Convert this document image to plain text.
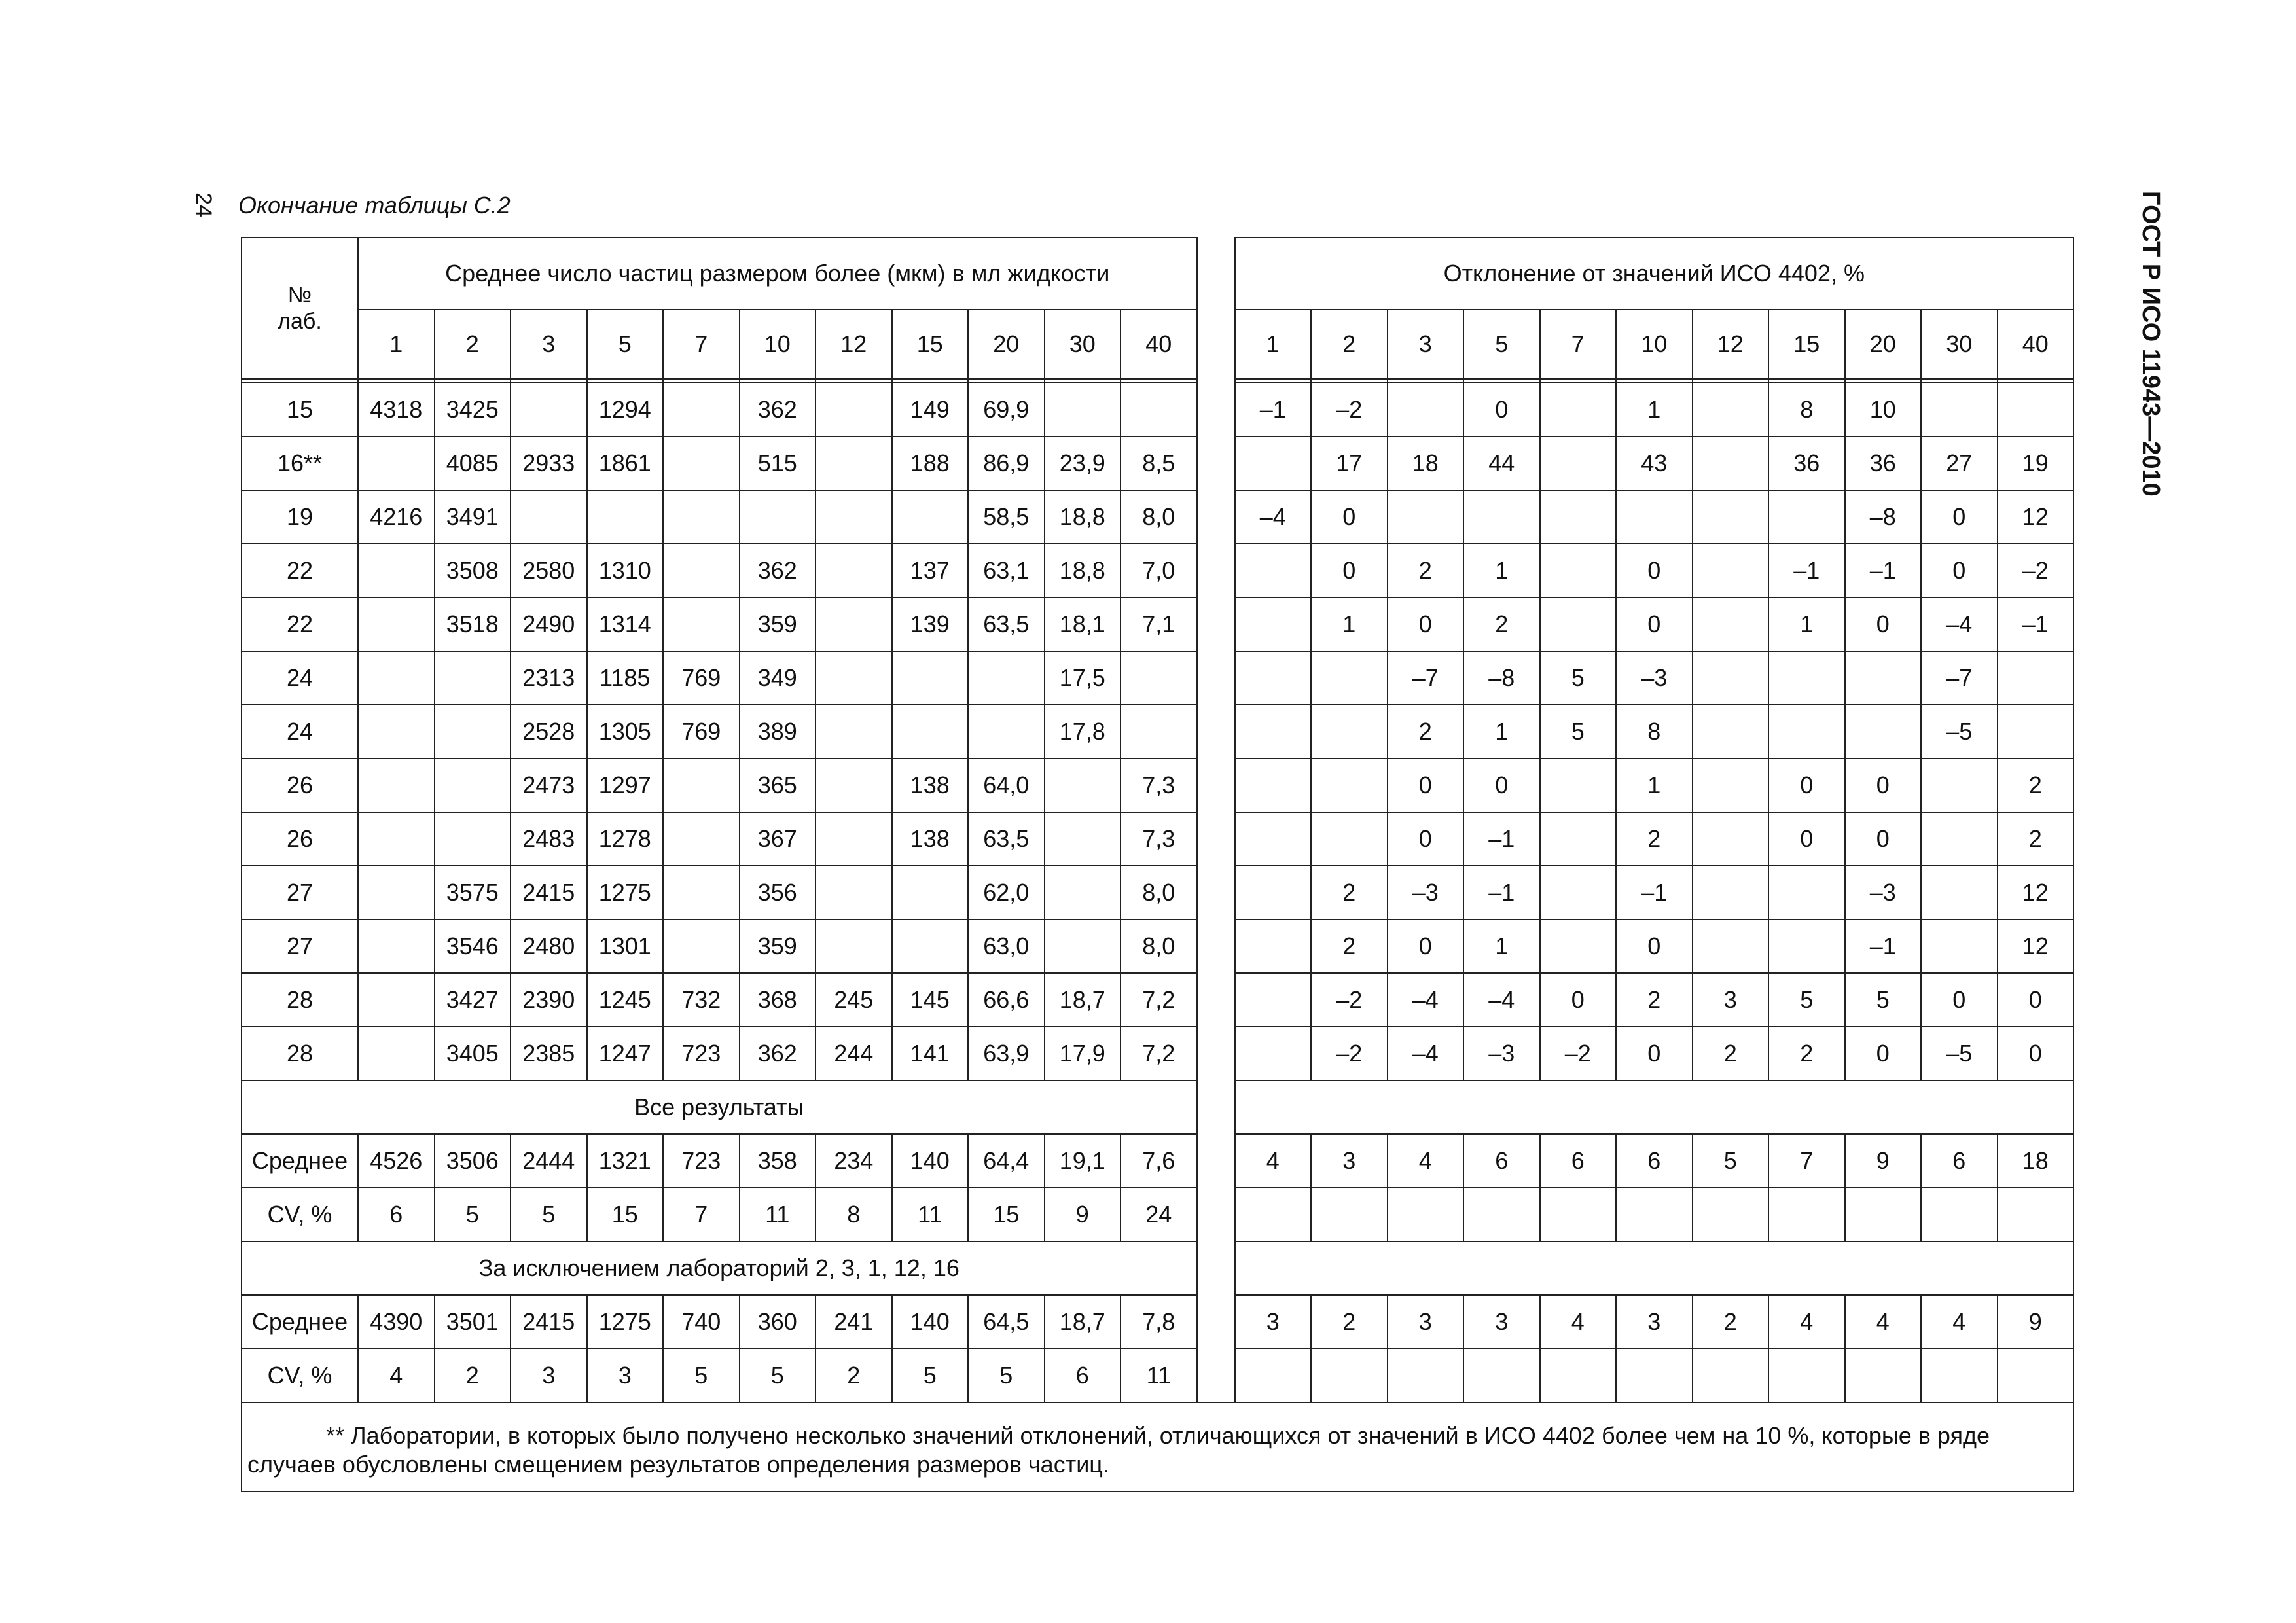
24	ГОСТ Р ИСО 11943—2010
Окончание таблицы С.2
№
лаб.	Среднее число частиц размером более (мкм) в мл жидкости												Отклонение от значений ИСО 4402, %										
	1	2	3	5	7	10	12	15	20	30	40		1	2	3	5	7	10	12	15	20	30	40

15	4318	3425		1294		362		149	69,9				–1	–2		0		1		8	10		
16**		4085	2933	1861		515		188	86,9	23,9	8,5			17	18	44		43		36	36	27	19
19	4216	3491							58,5	18,8	8,0		–4	0							–8	0	12
22		3508	2580	1310		362		137	63,1	18,8	7,0			0	2	1		0		–1	–1	0	–2
22		3518	2490	1314		359		139	63,5	18,1	7,1			1	0	2		0		1	0	–4	–1
24			2313	1185	769	349				17,5					–7	–8	5	–3				–7	
24			2528	1305	769	389				17,8					2	1	5	8				–5	
26			2473	1297		365		138	64,0		7,3				0	0		1		0	0		2
26			2483	1278		367		138	63,5		7,3				0	–1		2		0	0		2
27		3575	2415	1275		356			62,0		8,0			2	–3	–1		–1			–3		12
27		3546	2480	1301		359			63,0		8,0			2	0	1		0			–1		12
28		3427	2390	1245	732	368	245	145	66,6	18,7	7,2			–2	–4	–4	0	2	3	5	5	0	0
28		3405	2385	1247	723	362	244	141	63,9	17,9	7,2			–2	–4	–3	–2	0	2	2	0	–5	0
Все результаты																							
Среднее	4526	3506	2444	1321	723	358	234	140	64,4	19,1	7,6		4	3	4	6	6	6	5	7	9	6	18
CV, %	6	5	5	15	7	11	8	11	15	9	24												
За исключением лабораторий 2, 3, 1, 12, 16																							
Среднее	4390	3501	2415	1275	740	360	241	140	64,5	18,7	7,8		3	2	3	3	4	3	2	4	4	4	9
CV, %	4	2	3	3	5	5	2	5	5	6	11												

** Лаборатории, в которых было получено несколько значений отклонений, отличающихся от значений в ИСО 4402 более чем на 10 %, которые в ряде случаев обусловлены смещением результатов определения размеров частиц.																							
